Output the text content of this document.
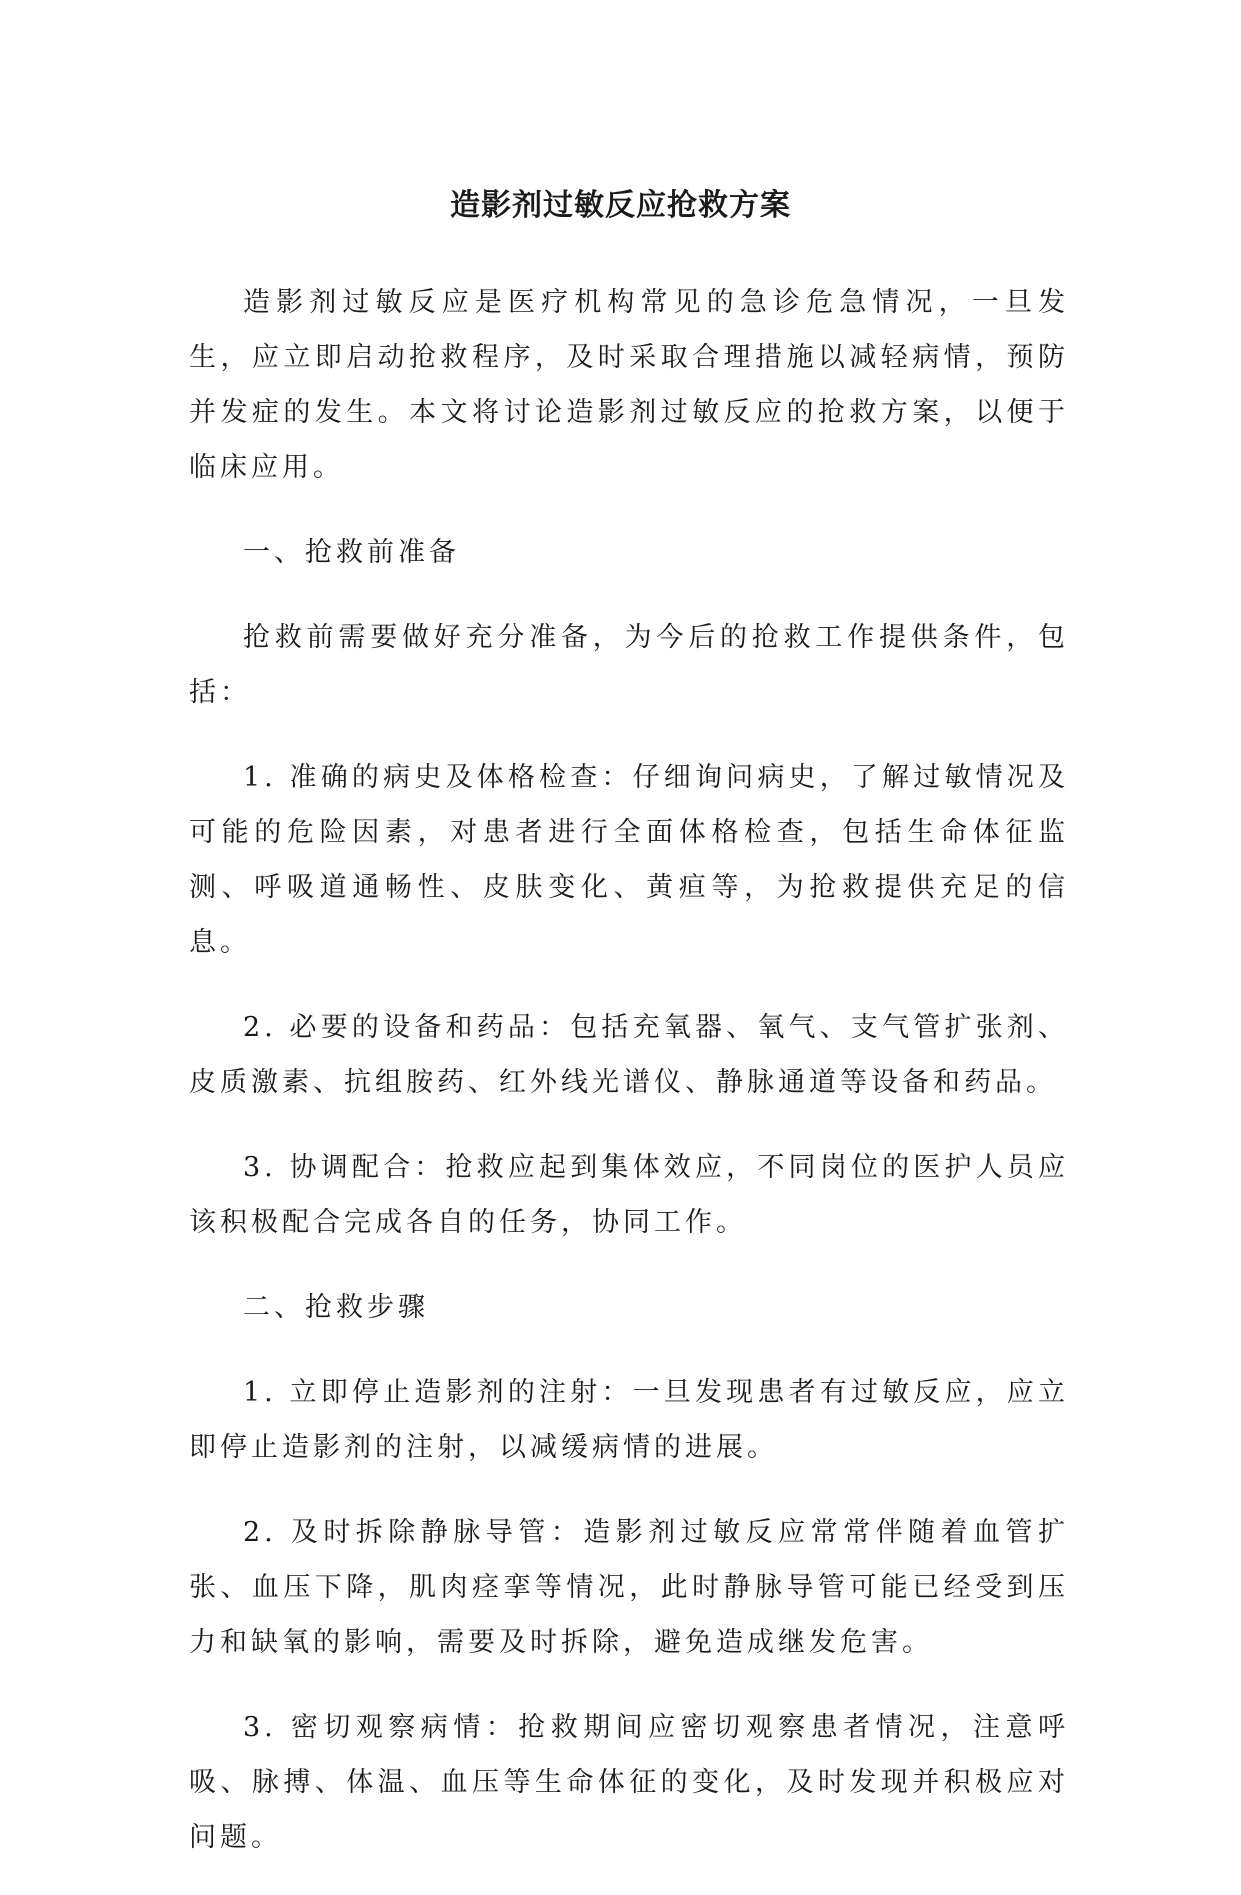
造影剂过敏反应抢救方案

造影剂过敏反应是医疗机构常见的急诊危急情况，一旦发生，应立即启动抢救程序，及时采取合理措施以减轻病情，预防并发症的发生。本文将讨论造影剂过敏反应的抢救方案，以便于临床应用。

一、抢救前准备

抢救前需要做好充分准备，为今后的抢救工作提供条件，包括：

1. 准确的病史及体格检查：仔细询问病史，了解过敏情况及可能的危险因素，对患者进行全面体格检查，包括生命体征监测、呼吸道通畅性、皮肤变化、黄疸等，为抢救提供充足的信息。

2. 必要的设备和药品：包括充氧器、氧气、支气管扩张剂、皮质激素、抗组胺药、红外线光谱仪、静脉通道等设备和药品。

3. 协调配合：抢救应起到集体效应，不同岗位的医护人员应该积极配合完成各自的任务，协同工作。

二、抢救步骤

1. 立即停止造影剂的注射：一旦发现患者有过敏反应，应立即停止造影剂的注射，以减缓病情的进展。

2. 及时拆除静脉导管：造影剂过敏反应常常伴随着血管扩张、血压下降，肌肉痉挛等情况，此时静脉导管可能已经受到压力和缺氧的影响，需要及时拆除，避免造成继发危害。

3. 密切观察病情：抢救期间应密切观察患者情况，注意呼吸、脉搏、体温、血压等生命体征的变化，及时发现并积极应对问题。
